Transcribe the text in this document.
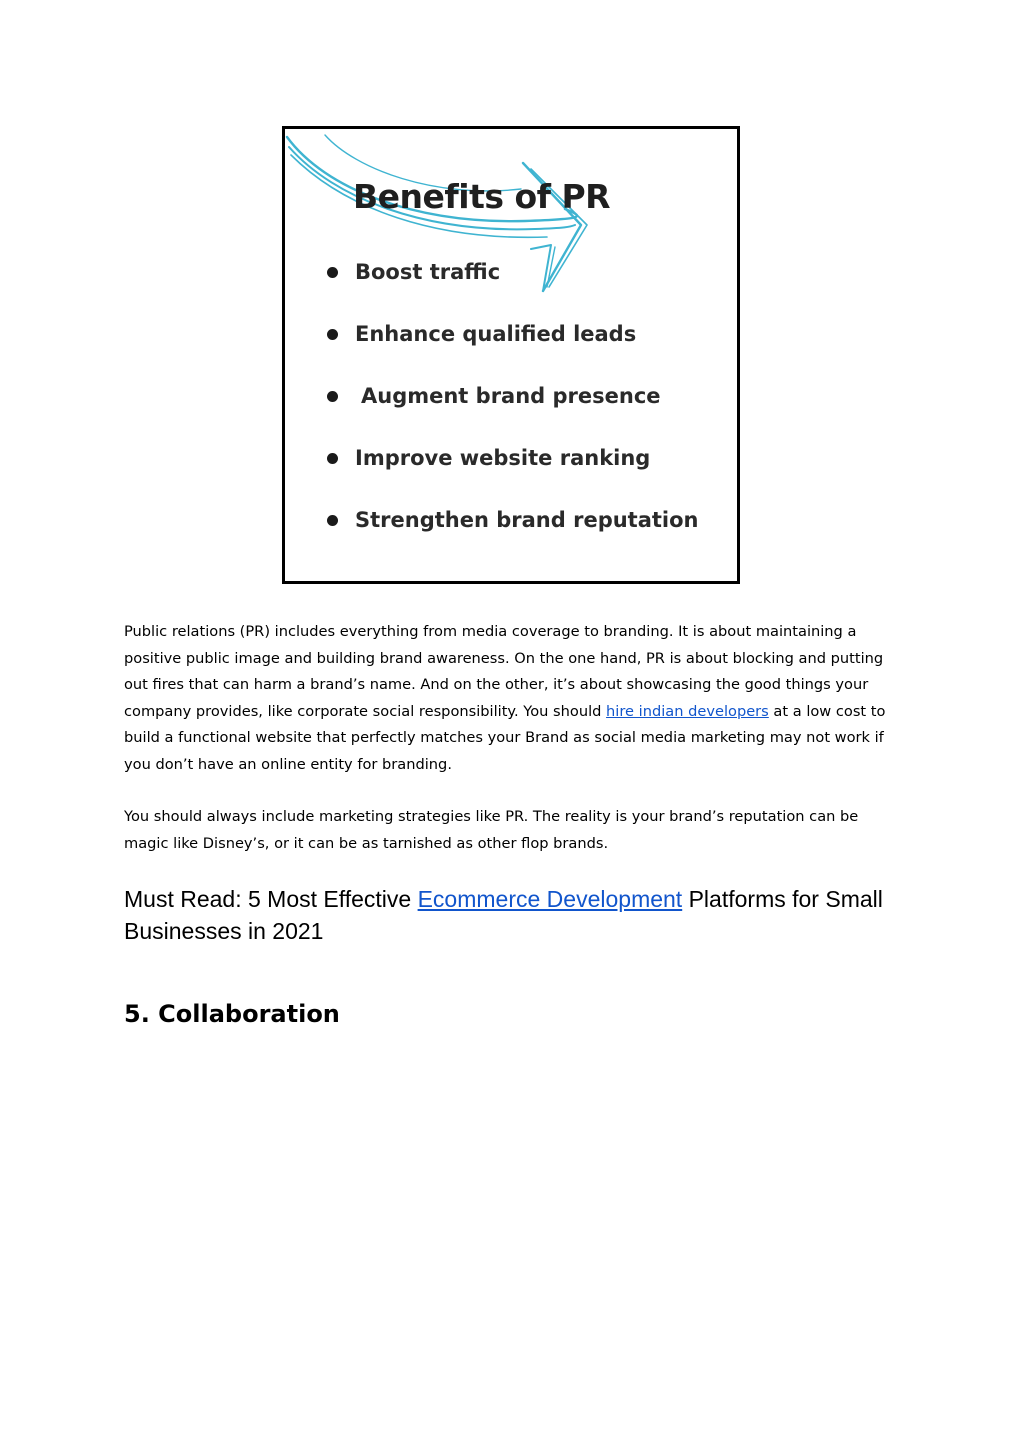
Benefits of PR
Boost traffic
Enhance qualified leads
Augment brand presence
Improve website ranking
Strengthen brand reputation

Public relations (PR) includes everything from media coverage to branding. It is about maintaining a positive public image and building brand awareness. On the one hand, PR is about blocking and putting out fires that can harm a brand’s name. And on the other, it’s about showcasing the good things your company provides, like corporate social responsibility. You should hire indian developers at a low cost to build a functional website that perfectly matches your Brand as social media marketing may not work if you don’t have an online entity for branding.

You should always include marketing strategies like PR. The reality is your brand’s reputation can be magic like Disney’s, or it can be as tarnished as other flop brands.

Must Read: 5 Most Effective Ecommerce Development Platforms for Small Businesses in 2021

5. Collaboration
